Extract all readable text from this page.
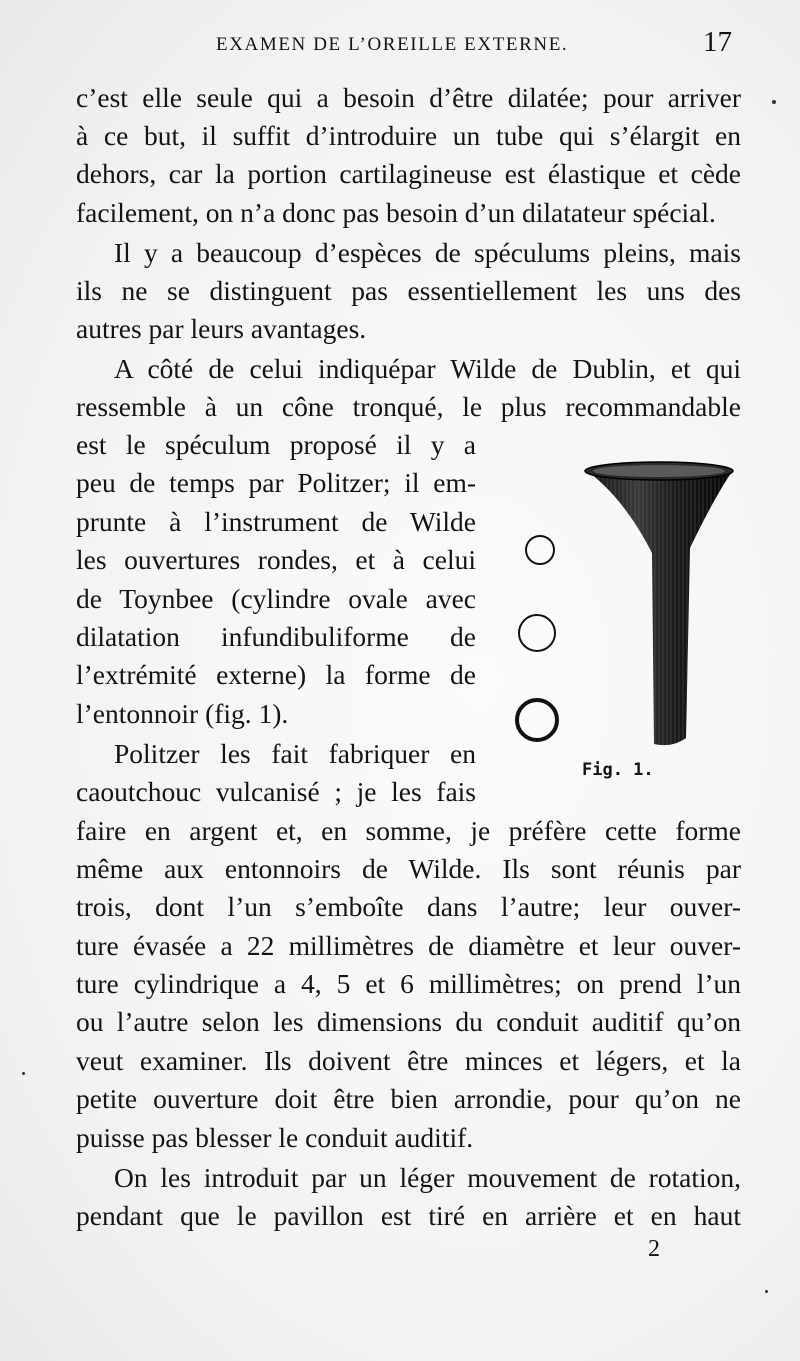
EXAMEN DE L’OREILLE EXTERNE.	17
c’est elle seule qui a besoin d’être dilatée; pour arriver
à ce but, il suffit d’introduire un tube qui s’élargit en
dehors, car la portion cartilagineuse est élastique et cède
facilement, on n’a donc pas besoin d’un dilatateur spécial.
Il y a beaucoup d’espèces de spéculums pleins, mais
ils ne se distinguent pas essentiellement les uns des
autres par leurs avantages.
A côté de celui indiquépar Wilde de Dublin, et qui
ressemble à un cône tronqué, le plus recommandable
est le spéculum proposé il y a
peu de temps par Politzer; il em-
prunte à l’instrument de Wilde
les ouvertures rondes, et à celui
de Toynbee (cylindre ovale avec
dilatation infundibuliforme de
l’extrémité externe) la forme de
l’entonnoir (fig. 1).
Politzer les fait fabriquer en
caoutchouc vulcanisé ; je les fais
faire en argent et, en somme, je préfère cette forme
même aux entonnoirs de Wilde. Ils sont réunis par
trois, dont l’un s’emboîte dans l’autre; leur ouver-
ture évasée a 22 millimètres de diamètre et leur ouver-
ture cylindrique a 4, 5 et 6 millimètres; on prend l’un
ou l’autre selon les dimensions du conduit auditif qu’on
veut examiner. Ils doivent être minces et légers, et la
petite ouverture doit être bien arrondie, pour qu’on ne
puisse pas blesser le conduit auditif.
On les introduit par un léger mouvement de rotation,
pendant que le pavillon est tiré en arrière et en haut
Fig. 1.
2
